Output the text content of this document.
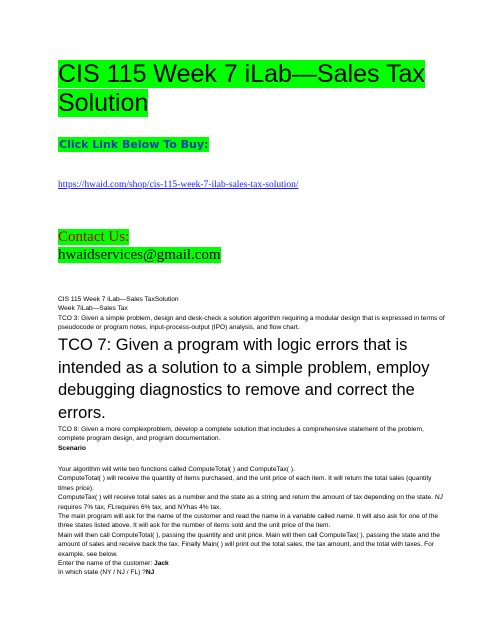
CIS 115 Week 7 iLab—Sales Tax Solution
Click Link Below To Buy:
https://hwaid.com/shop/cis-115-week-7-ilab-sales-tax-solution/
Contact Us:
hwaidservices@gmail.com

CIS 115 Week 7 iLab—Sales TaxSolution

Week 7iLab—Sales Tax

TCO 3: Given a simple problem, design and desk-check a solution algorithm requiring a modular design that is expressed in terms of pseudocode or program notes, input-process-output (IPO) analysis, and flow chart.

TCO 7: Given a program with logic errors that is intended as a solution to a simple problem, employ debugging diagnostics to remove and correct the errors.

TCO 8: Given a more complexproblem, develop a complete solution that includes a comprehensive statement of the problem, complete program design, and program documentation.

Scenario

Your algorithm will write two functions called ComputeTotal( ) and ComputeTax( ).

ComputeTotal( ) will receive the quantity of items purchased, and the unit price of each item. It will return the total sales (quantity times price).

ComputeTax( ) will receive total sales as a number and the state as a string and return the amount of tax depending on the state. NJ requires 7% tax, FLrequires 6% tax, and NYhas 4% tax.

The main program will ask for the name of the customer and read the name in a variable called name. It will also ask for one of the three states listed above. It will ask for the number of items sold and the unit price of the item.

Main will then call ComputeTotal( ), passing the quantity and unit price. Main will then call ComputeTax( ), passing the state and the amount of sales and receive back the tax. Finally Main( ) will print out the total sales, the tax amount, and the total with taxes. For example, see below.

Enter the name of the customer: Jack

In which state (NY / NJ / FL) ?NJ
